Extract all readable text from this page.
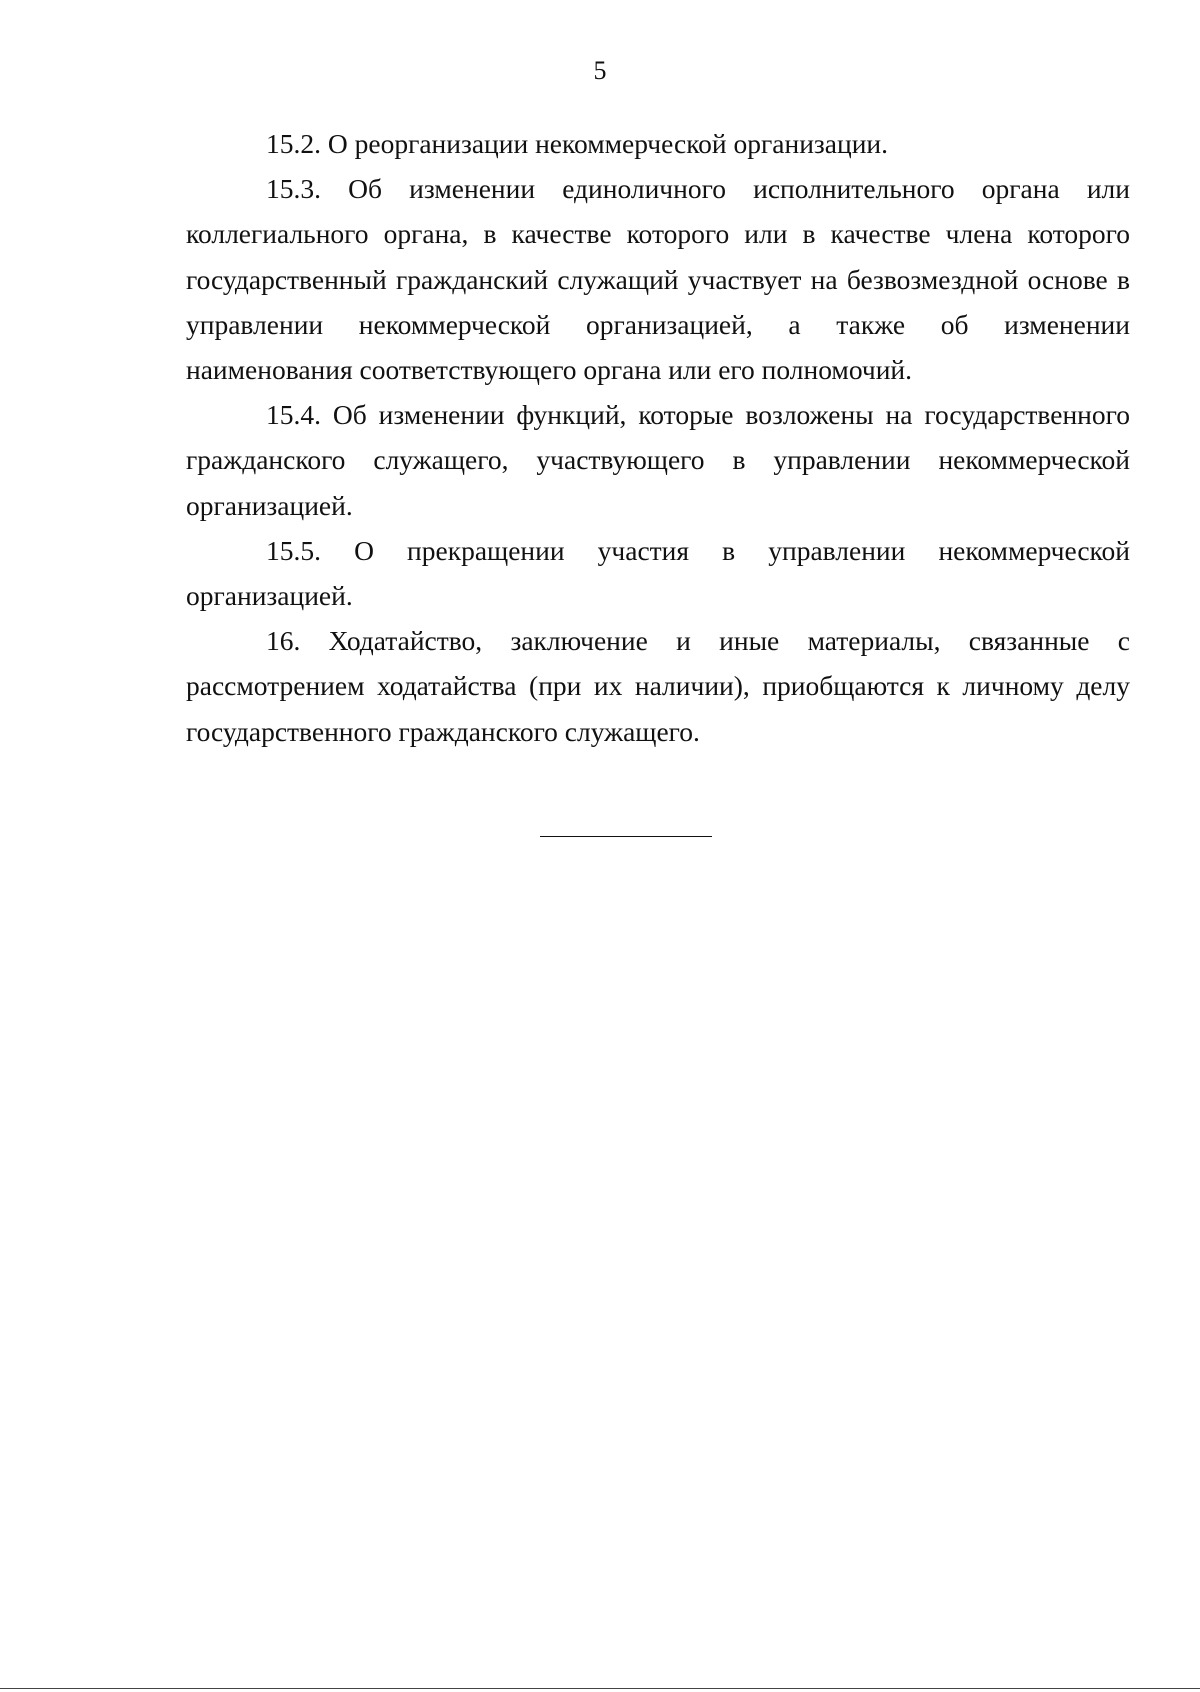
5

15.2. О реорганизации некоммерческой организации.

15.3. Об изменении единоличного исполнительного органа или коллегиального органа, в качестве которого или в качестве члена которого государственный гражданский служащий участвует на безвозмездной основе в управлении некоммерческой организацией, а также об изменении наименования соответствующего органа или его полномочий.

15.4. Об изменении функций, которые возложены на государственного гражданского служащего, участвующего в управлении некоммерческой организацией.

15.5. О прекращении участия в управлении некоммерческой организацией.

16. Ходатайство, заключение и иные материалы, связанные с рассмотрением ходатайства (при их наличии), приобщаются к личному делу государственного гражданского служащего.
